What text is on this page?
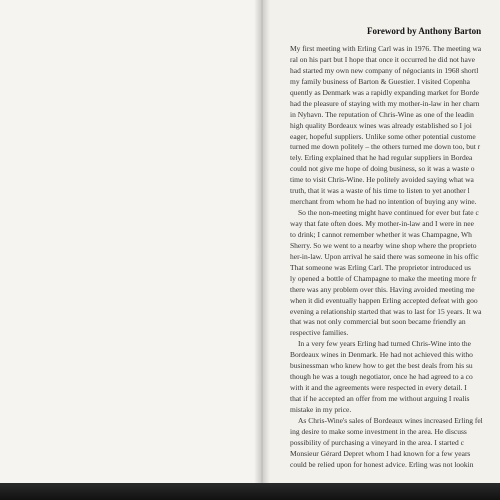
Foreword by Anthony Barton
My first meeting with Erling Carl was in 1976. The meeting wa
ral on his part but I hope that once it occurred he did not have
had started my own new company of négociants in 1968 shortl
my family business of Barton & Guestier. I visited Copenha
quently as Denmark was a rapidly expanding market for Borde
had the pleasure of staying with my mother-in-law in her charn
in Nyhavn. The reputation of Chris-Wine as one of the leadin
high quality Bordeaux wines was already established so I joi
eager, hopeful suppliers. Unlike some other potential custome
turned me down politely – the others turned me down too, but r
tely. Erling explained that he had regular suppliers in Bordea
could not give me hope of doing business, so it was a waste o
time to visit Chris-Wine. He politely avoided saying what wa
truth, that it was a waste of his time to listen to yet another l
merchant from whom he had no intention of buying any wine.
So the non-meeting might have continued for ever but fate c
way that fate often does. My mother-in-law and I were in nee
to drink; I cannot remember whether it was Champagne, Wh
Sherry. So we went to a nearby wine shop where the proprieto
her-in-law. Upon arrival he said there was someone in his offic
That someone was Erling Carl. The proprietor introduced us
ly opened a bottle of Champagne to make the meeting more fr
there was any problem over this. Having avoided meeting me
when it did eventually happen Erling accepted defeat with goo
evening a relationship started that was to last for 15 years. It wa
that was not only commercial but soon became friendly an
respective families.
In a very few years Erling had turned Chris-Wine into the
Bordeaux wines in Denmark. He had not achieved this witho
businessman who knew how to get the best deals from his su
though he was a tough negotiator, once he had agreed to a co
with it and the agreements were respected in every detail. I
that if he accepted an offer from me without arguing I realis
mistake in my price.
As Chris-Wine's sales of Bordeaux wines increased Erling fel
ing desire to make some investment in the area. He discuss
possibility of purchasing a vineyard in the area. I started c
Monsieur Gérard Depret whom I had known for a few years
could be relied upon for honest advice. Erling was not lookin
